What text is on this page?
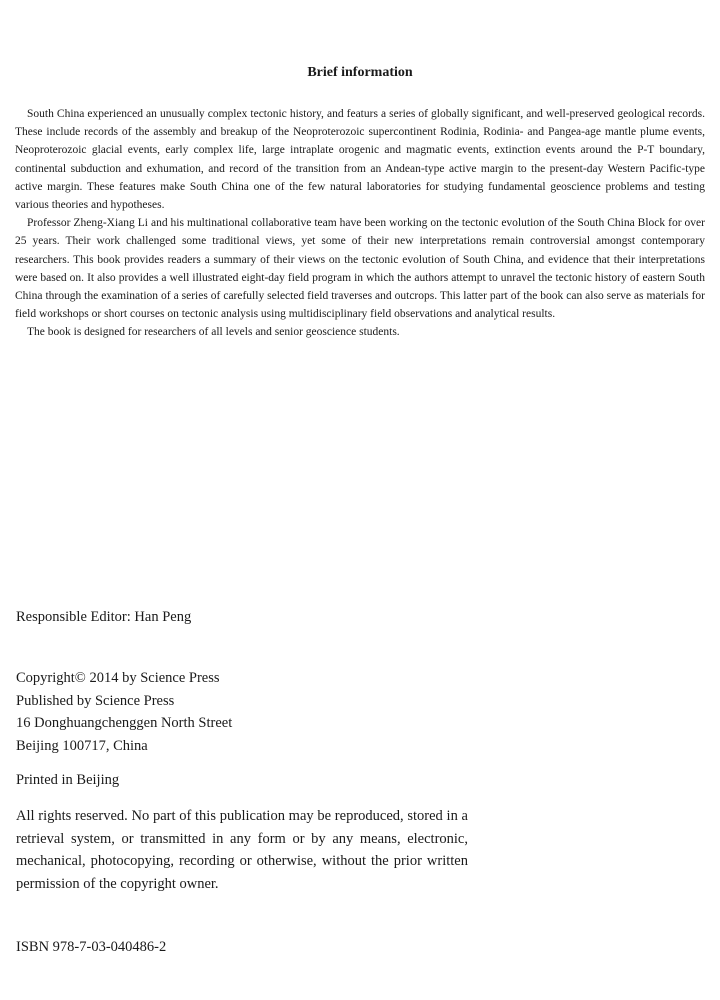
Brief information

South China experienced an unusually complex tectonic history, and featurs a series of globally significant, and well-preserved geological records. These include records of the assembly and breakup of the Neoproterozoic supercontinent Rodinia, Rodinia- and Pangea-age mantle plume events, Neoproterozoic glacial events, early complex life, large intraplate orogenic and magmatic events, extinction events around the P-T boundary, continental subduction and exhumation, and record of the transition from an Andean-type active margin to the present-day Western Pacific-type active margin. These features make South China one of the few natural laboratories for studying fundamental geoscience problems and testing various theories and hypotheses.

Professor Zheng-Xiang Li and his multinational collaborative team have been working on the tectonic evolution of the South China Block for over 25 years. Their work challenged some traditional views, yet some of their new interpretations remain controversial amongst contemporary researchers. This book provides readers a summary of their views on the tectonic evolution of South China, and evidence that their interpretations were based on. It also provides a well illustrated eight-day field program in which the authors attempt to unravel the tectonic history of eastern South China through the examination of a series of carefully selected field traverses and outcrops. This latter part of the book can also serve as materials for field workshops or short courses on tectonic analysis using multidisciplinary field observations and analytical results.

The book is designed for researchers of all levels and senior geoscience students.

Responsible Editor: Han Peng
Copyright© 2014 by Science Press
Published by Science Press
16 Donghuangchenggen North Street
Beijing 100717, China
Printed in Beijing
All rights reserved. No part of this publication may be reproduced, stored in a retrieval system, or transmitted in any form or by any means, electronic, mechanical, photocopying, recording or otherwise, without the prior written permission of the copyright owner.
ISBN 978-7-03-040486-2
